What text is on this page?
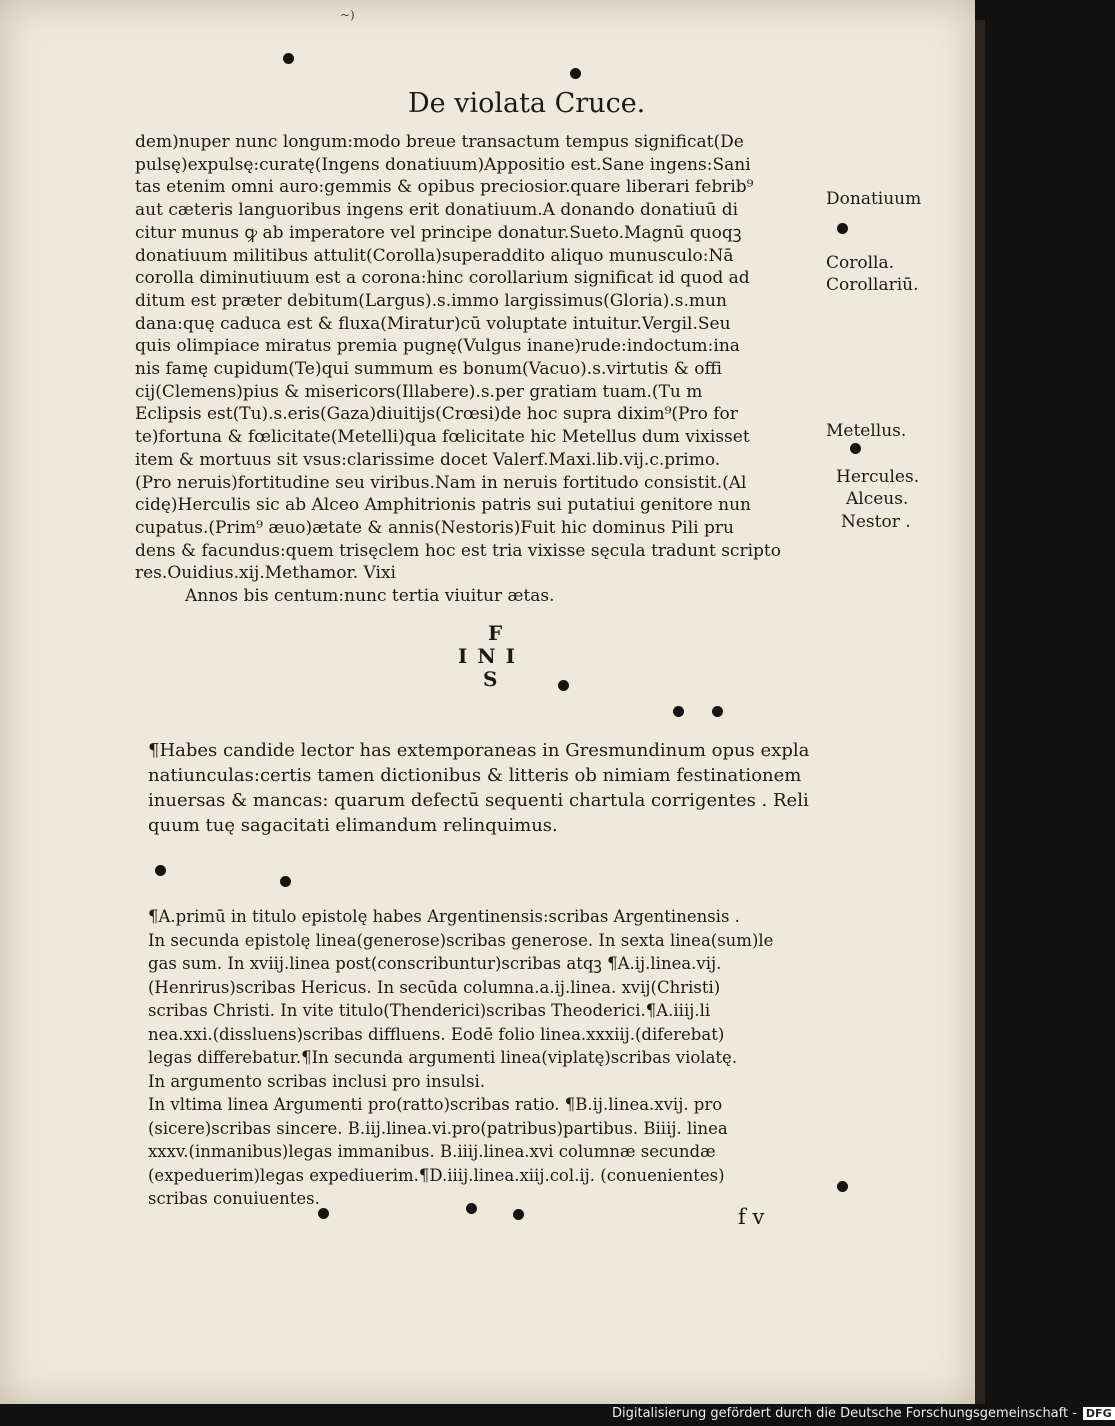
~)
De violata Cruce.
dem)nuper nunc longum:modo breue transactum tempus significat(De
pulsę)expulsę:curatę(Ingens donatiuum)Appositio est.Sane ingens:Sani
tas etenim omni auro:gemmis & opibus preciosior.quare liberari febrib⁹
aut cæteris languoribus ingens erit donatiuum.A donando donatiuū di
citur munus ꝙ ab imperatore vel principe donatur.Sueto.Magnū quoqꝫ
donatiuum militibus attulit(Corolla)superaddito aliquo munusculo:Nā
corolla diminutiuum est a corona:hinc corollarium significat id quod ad
ditum est præter debitum(Largus).s.immo largissimus(Gloria).s.mun
dana:quę caduca est & fluxa(Miratur)cū voluptate intuitur.Vergil.Seu
quis olimpiace miratus premia pugnę(Vulgus inane)rude:indoctum:ina
nis famę cupidum(Te)qui summum es bonum(Vacuo).s.virtutis & offi
cij(Clemens)pius & misericors(Illabere).s.per gratiam tuam.(Tu m
Eclipsis est(Tu).s.eris(Gaza)diuitijs(Crœsi)de hoc supra dixim⁹(Pro for
te)fortuna & fœlicitate(Metelli)qua fœlicitate hic Metellus dum vixisset
item & mortuus sit vsus:clarissime docet Valerf.Maxi.lib.vij.c.primo.
(Pro neruis)fortitudine seu viribus.Nam in neruis fortitudo consistit.(Al
cidę)Herculis sic ab Alceo Amphitrionis patris sui putatiui genitore nun
cupatus.(Prim⁹ æuo)ætate & annis(Nestoris)Fuit hic dominus Pili pru
dens & facundus:quem trisęclem hoc est tria vixisse sęcula tradunt scripto
res.Ouidius.xij.Methamor. Vixi
Annos bis centum:nunc tertia viuitur ætas.
Donatiuum
Corolla.
Corollariū.
Metellus.
Hercules.
Alceus.
Nestor .
F
INI
S
¶Habes candide lector has extemporaneas in Gresmundinum opus expla
natiunculas:certis tamen dictionibus & litteris ob nimiam festinationem
inuersas & mancas: quarum defectū sequenti chartula corrigentes . Reli
quum tuę sagacitati elimandum relinquimus.
¶A.primū in titulo epistolę habes Argentinensis:scribas Argentinensis .
In secunda epistolę linea(generose)scribas generose. In sexta linea(sum)le
gas sum. In xviij.linea post(conscribuntur)scribas atqꝫ ¶A.ij.linea.vij.
(Henrirus)scribas Hericus. In secūda columna.a.ij.linea. xvij(Christi)
scribas Christi. In vite titulo(Thenderici)scribas Theoderici.¶A.iiij.li
nea.xxi.(dissluens)scribas diffluens. Eodē folio linea.xxxiij.(diferebat)
legas differebatur.¶In secunda argumenti linea(viplatę)scribas violatę.
In argumento scribas inclusi pro insulsi.
In vltima linea Argumenti pro(ratto)scribas ratio. ¶B.ij.linea.xvij. pro
(sicere)scribas sincere. B.iij.linea.vi.pro(patribus)partibus. Biiij. linea
xxxv.(inmanibus)legas immanibus. B.iiij.linea.xvi columnæ secundæ
(expeduerim)legas expediuerim.¶D.iiij.linea.xiij.col.ij. (conuenientes)
scribas conuiuentes.
f v
Digitalisierung gefördert durch die Deutsche Forschungsgemeinschaft - DFG
